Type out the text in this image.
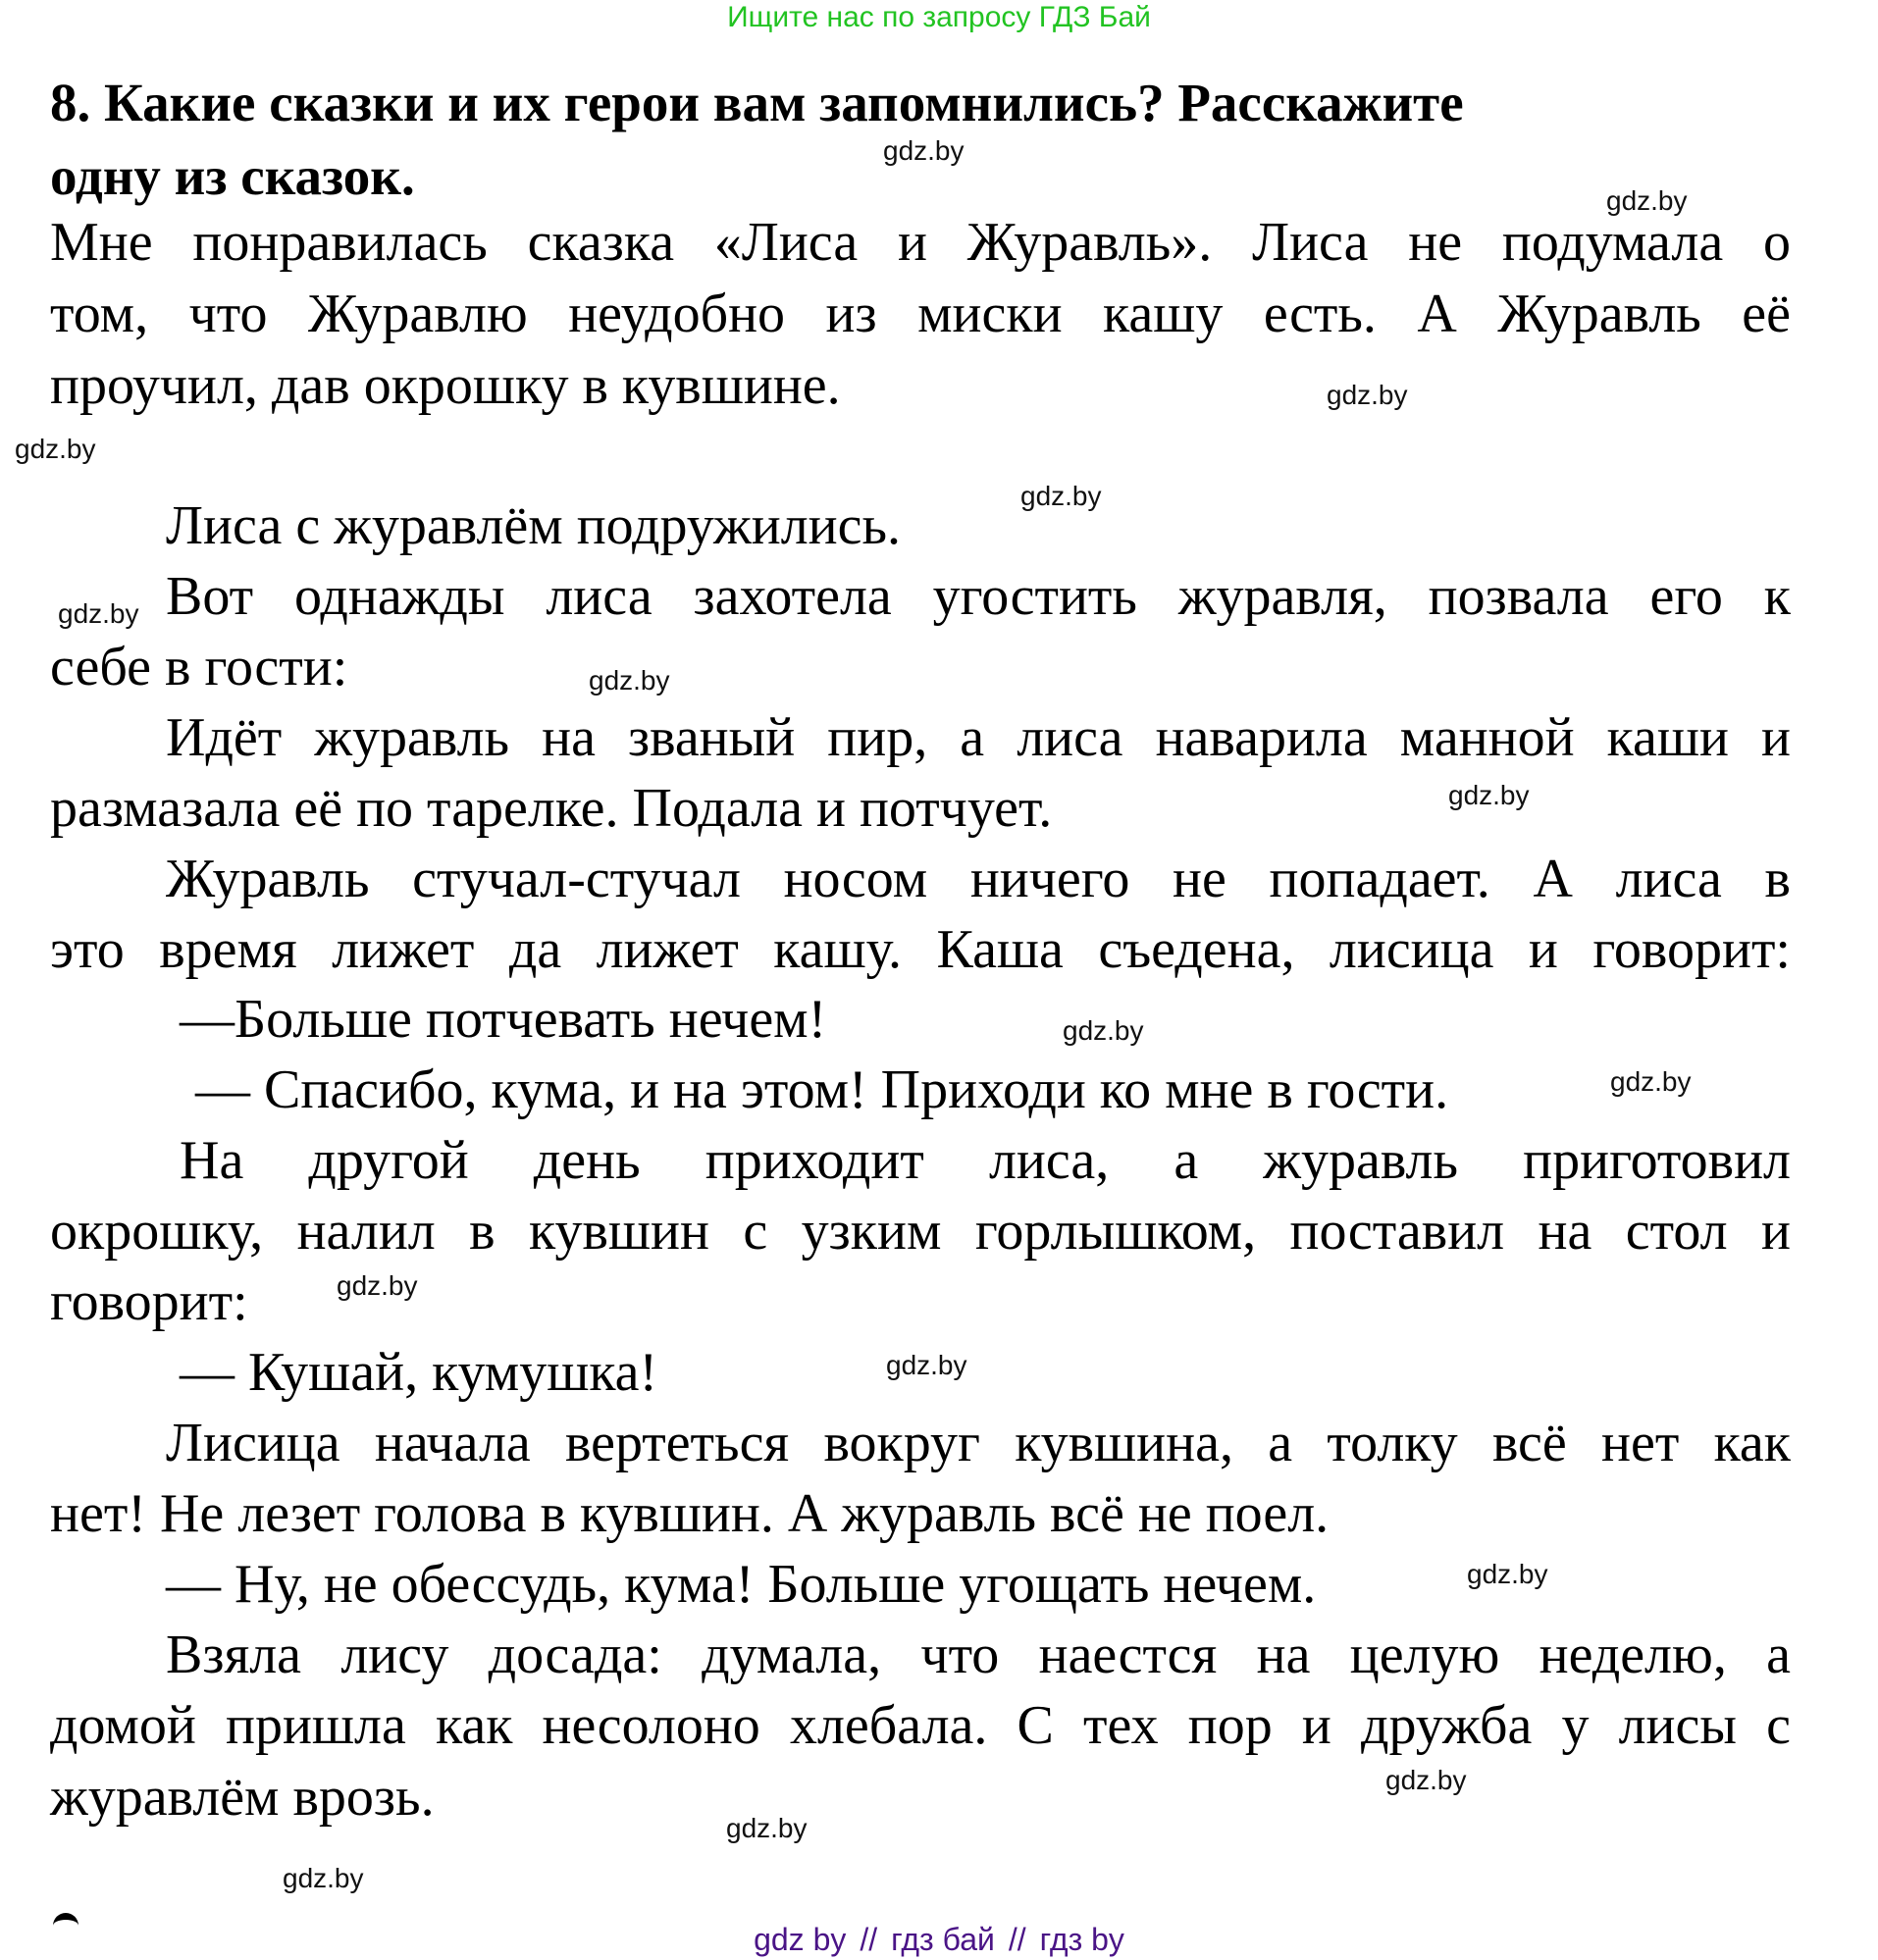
Ищите нас по запросу ГДЗ Бай
8. Какие сказки и их герои вам запомнились? Расскажите
одну из сказок.
Мне понравилась сказка «Лиса и Журавль». Лиса не подумала о
том, что Журавлю неудобно из миски кашу есть. А Журавль её
проучил, дав окрошку в кувшине.
Лиса с журавлём подружились.
Вот однажды лиса захотела угостить журавля, позвала его к
себе в гости:
Идёт журавль на званый пир, а лиса наварила манной каши и
размазала её по тарелке. Подала и потчует.
Журавль стучал-стучал носом ничего не попадает. А лиса в
это время лижет да лижет кашу. Каша съедена, лисица и говорит:
—Больше потчевать нечем!
— Спасибо, кума, и на этом! Приходи ко мне в гости.
На другой день приходит лиса, а журавль приготовил
окрошку, налил в кувшин с узким горлышком, поставил на стол и
говорит:
— Кушай, кумушка!
Лисица начала вертеться вокруг кувшина, а толку всё нет как
нет! Не лезет голова в кувшин. А журавль всё не поел.
— Ну, не обессудь, кума! Больше угощать нечем.
Взяла лису досада: думала, что наестся на целую неделю, а
домой пришла как несолоно хлебала. С тех пор и дружба у лисы с
журавлём врозь.
gdz.by
gdz.by
gdz.by
gdz.by
gdz.by
gdz.by
gdz.by
gdz.by
gdz.by
gdz.by
gdz.by
gdz.by
gdz.by
gdz.by
gdz.by
gdz.by
gdz by // гдз бай // гдз by
